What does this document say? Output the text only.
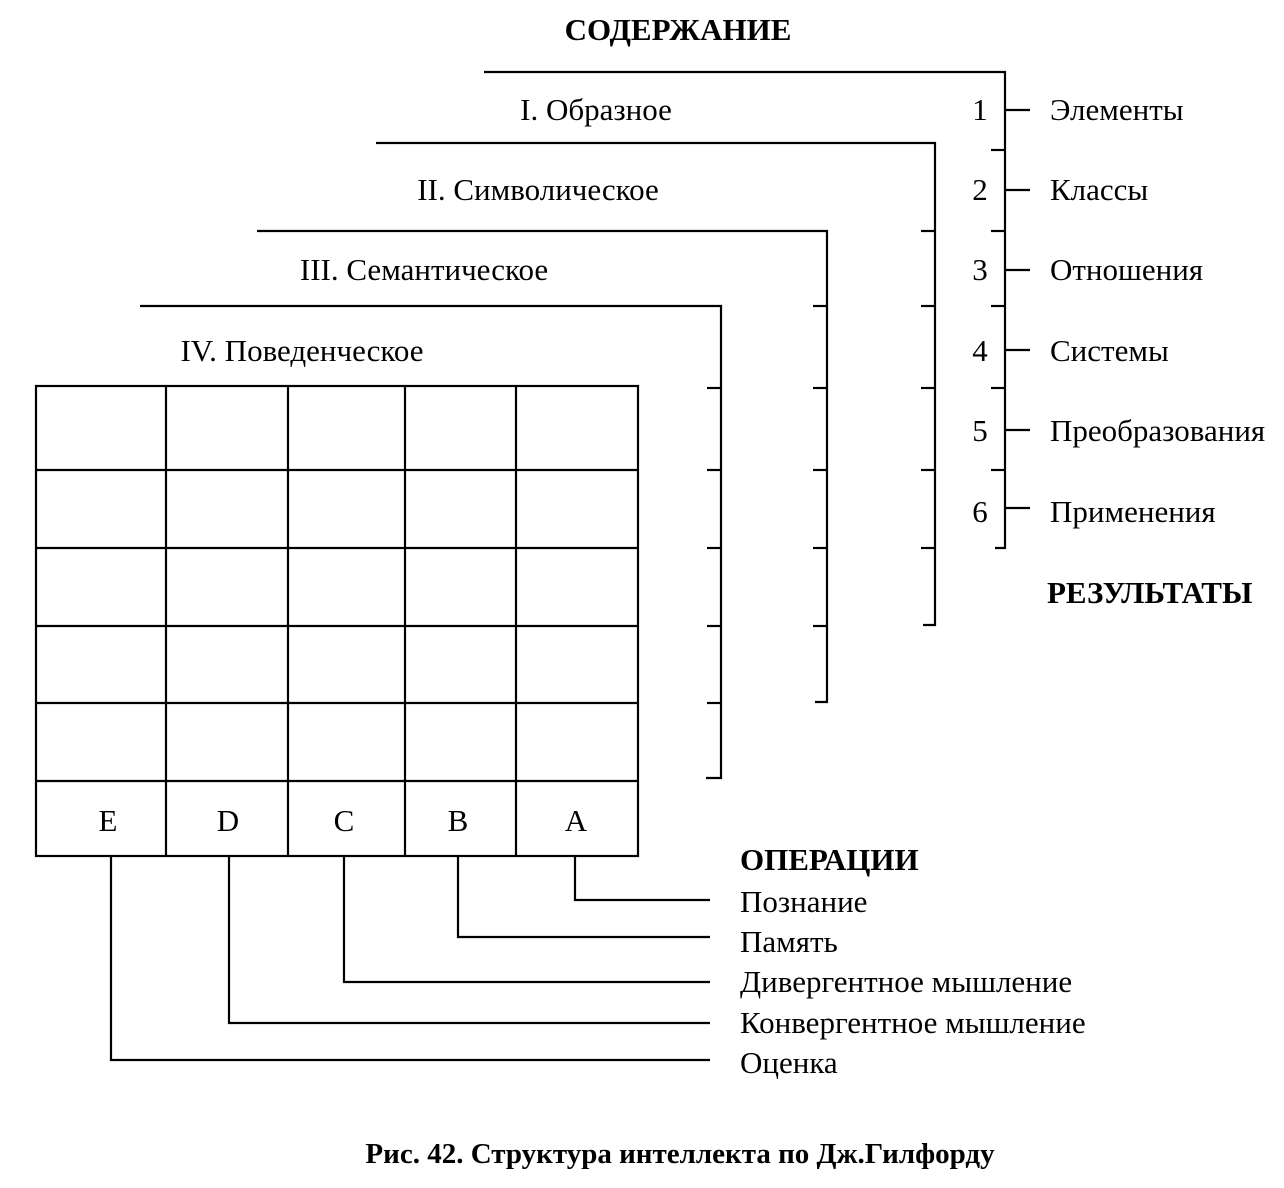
СОДЕРЖАНИЕ
I. Образное
II. Символическое
III. Семантическое
IV. Поведенческое
1 Элементы
2 Классы
3 Отношения
4 Системы
5 Преобразования
6 Применения
РЕЗУЛЬТАТЫ
E	D	C	B	A
ОПЕРАЦИИ
Познание
Память
Дивергентное мышление
Конвергентное мышление
Оценка
Рис. 42. Структура интеллекта по Дж.Гилфорду
